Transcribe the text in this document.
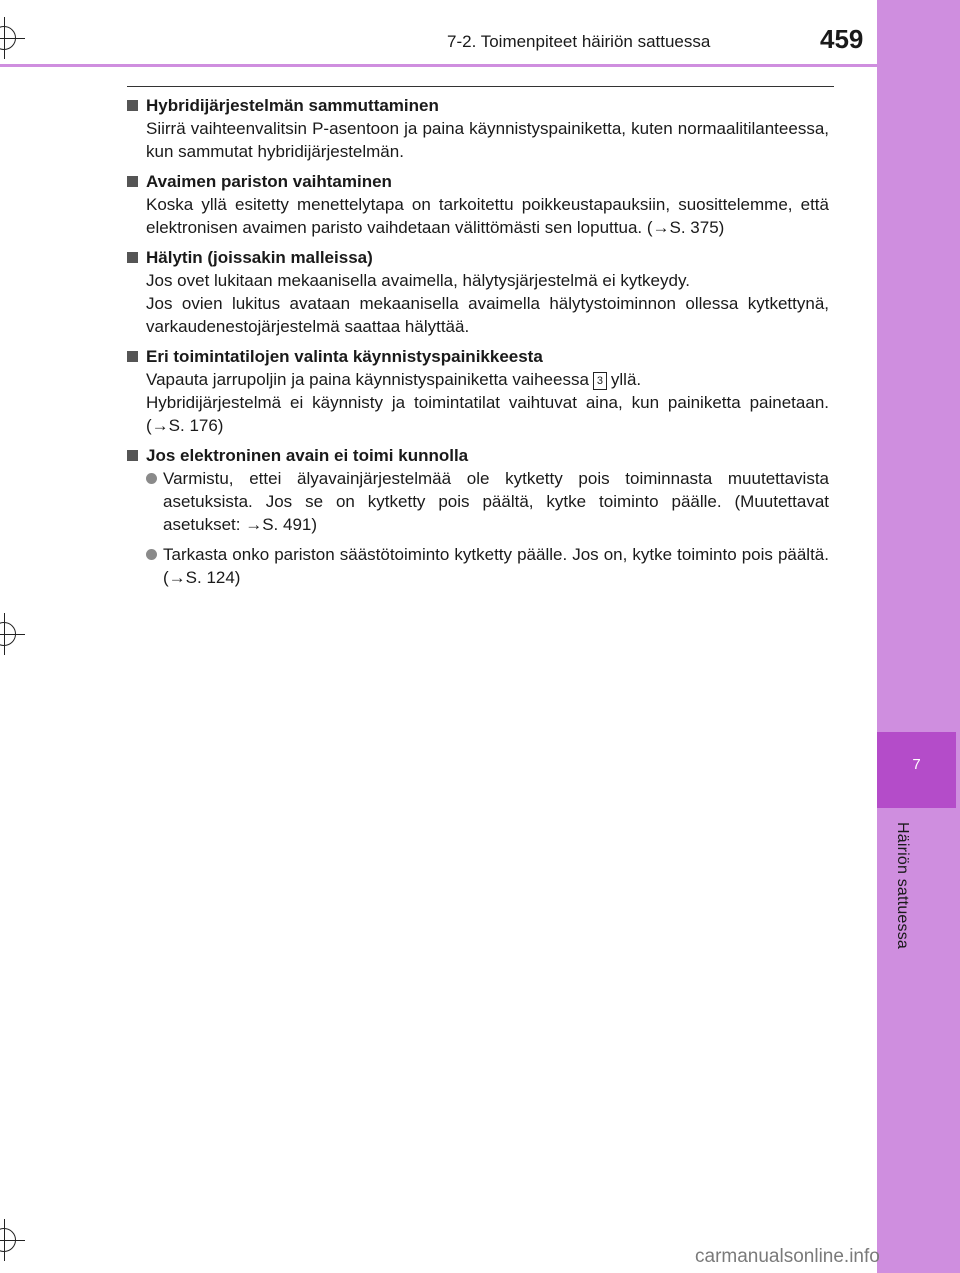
7
Häiriön sattuessa
7-2. Toimenpiteet häiriön sattuessa	459
Hybridijärjestelmän sammuttaminen
Siirrä vaihteenvalitsin P-asentoon ja paina käynnistyspainiketta, kuten normaalitilanteessa, kun sammutat hybridijärjestelmän.
Avaimen pariston vaihtaminen
Koska yllä esitetty menettelytapa on tarkoitettu poikkeustapauksiin, suosittelemme, että elektronisen avaimen paristo vaihdetaan välittömästi sen loputtua. (→S. 375)
Hälytin (joissakin malleissa)
Jos ovet lukitaan mekaanisella avaimella, hälytysjärjestelmä ei kytkeydy.
Jos ovien lukitus avataan mekaanisella avaimella hälytystoiminnon ollessa kytkettynä, varkaudenestojärjestelmä saattaa hälyttää.
Eri toimintatilojen valinta käynnistyspainikkeesta
Vapauta jarrupoljin ja paina käynnistyspainiketta vaiheessa 3 yllä.
Hybridijärjestelmä ei käynnisty ja toimintatilat vaihtuvat aina, kun painiketta painetaan. (→S. 176)
Jos elektroninen avain ei toimi kunnolla
Varmistu, ettei älyavainjärjestelmää ole kytketty pois toiminnasta muutettavista asetuksista. Jos se on kytketty pois päältä, kytke toiminto päälle. (Muutettavat asetukset: →S. 491)
Tarkasta onko pariston säästötoiminto kytketty päälle. Jos on, kytke toiminto pois päältä. (→S. 124)
carmanualsonline.info
